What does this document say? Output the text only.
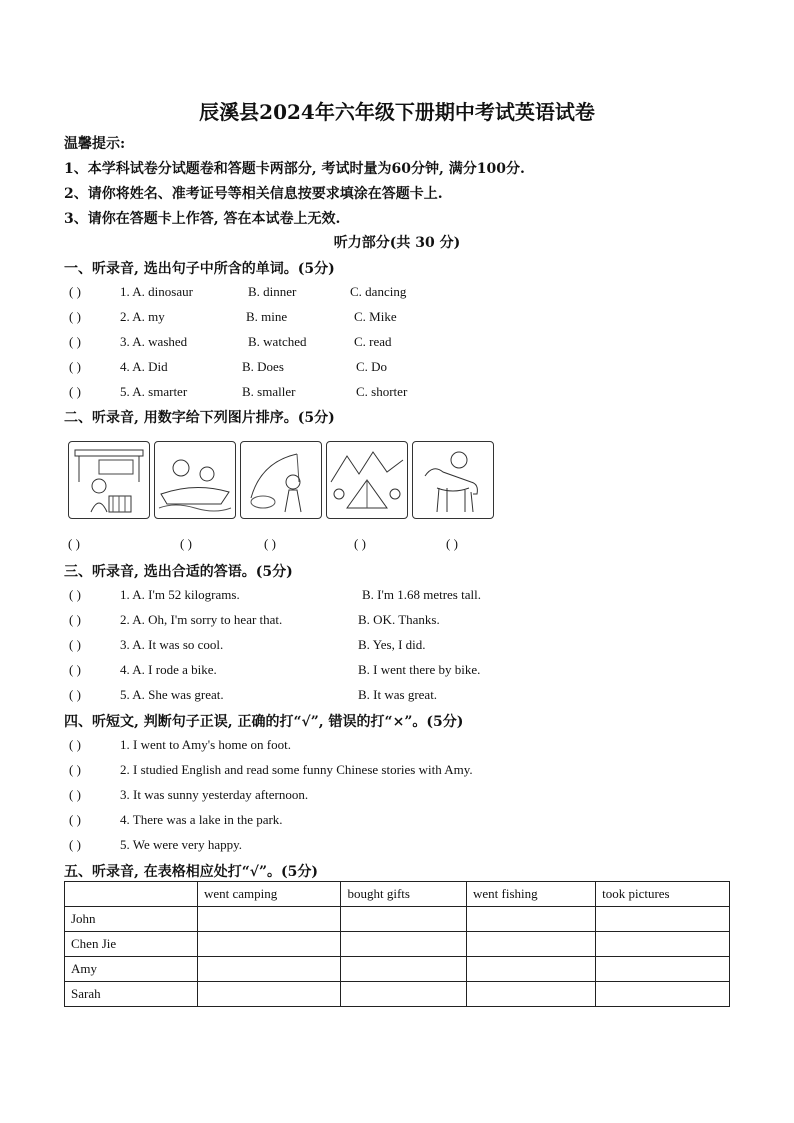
辰溪县2024年六年级下册期中考试英语试卷
温馨提示:
1、本学科试卷分试题卷和答题卡两部分, 考试时量为60分钟, 满分100分.
2、请你将姓名、准考证号等相关信息按要求填涂在答题卡上.
3、请你在答题卡上作答, 答在本试卷上无效.
听力部分(共 30 分)
一、听录音, 选出句子中所含的单词。(5分)
( )	1. A. dinosaur	B. dinner	C. dancing
( )	2. A. my	B. mine	C. Mike
( )	3. A. washed	B. watched	C. read
( )	4. A. Did	B. Does	C. Do
( )	5. A. smarter	B. smaller	C. shorter
二、听录音, 用数字给下列图片排序。(5分)
( )	( )	( )	( )	( )
三、听录音, 选出合适的答语。(5分)
( )	1. A. I'm 52 kilograms.	B. I'm 1.68 metres tall.
( )	2. A. Oh, I'm sorry to hear that.	B. OK. Thanks.
( )	3. A. It was so cool.	B. Yes, I did.
( )	4. A. I rode a bike.	B. I went there by bike.
( )	5. A. She was great.	B. It was great.
四、听短文, 判断句子正误, 正确的打“√”, 错误的打“×”。(5分)
( )	1. I went to Amy's home on foot.
( )	2. I studied English and read some funny Chinese stories with Amy.
( )	3. It was sunny yesterday afternoon.
( )	4. There was a lake in the park.
( )	5. We were very happy.
五、听录音, 在表格相应处打“√”。(5分)
	went camping	bought gifts	went fishing	took pictures
John				
Chen Jie				
Amy				
Sarah				
